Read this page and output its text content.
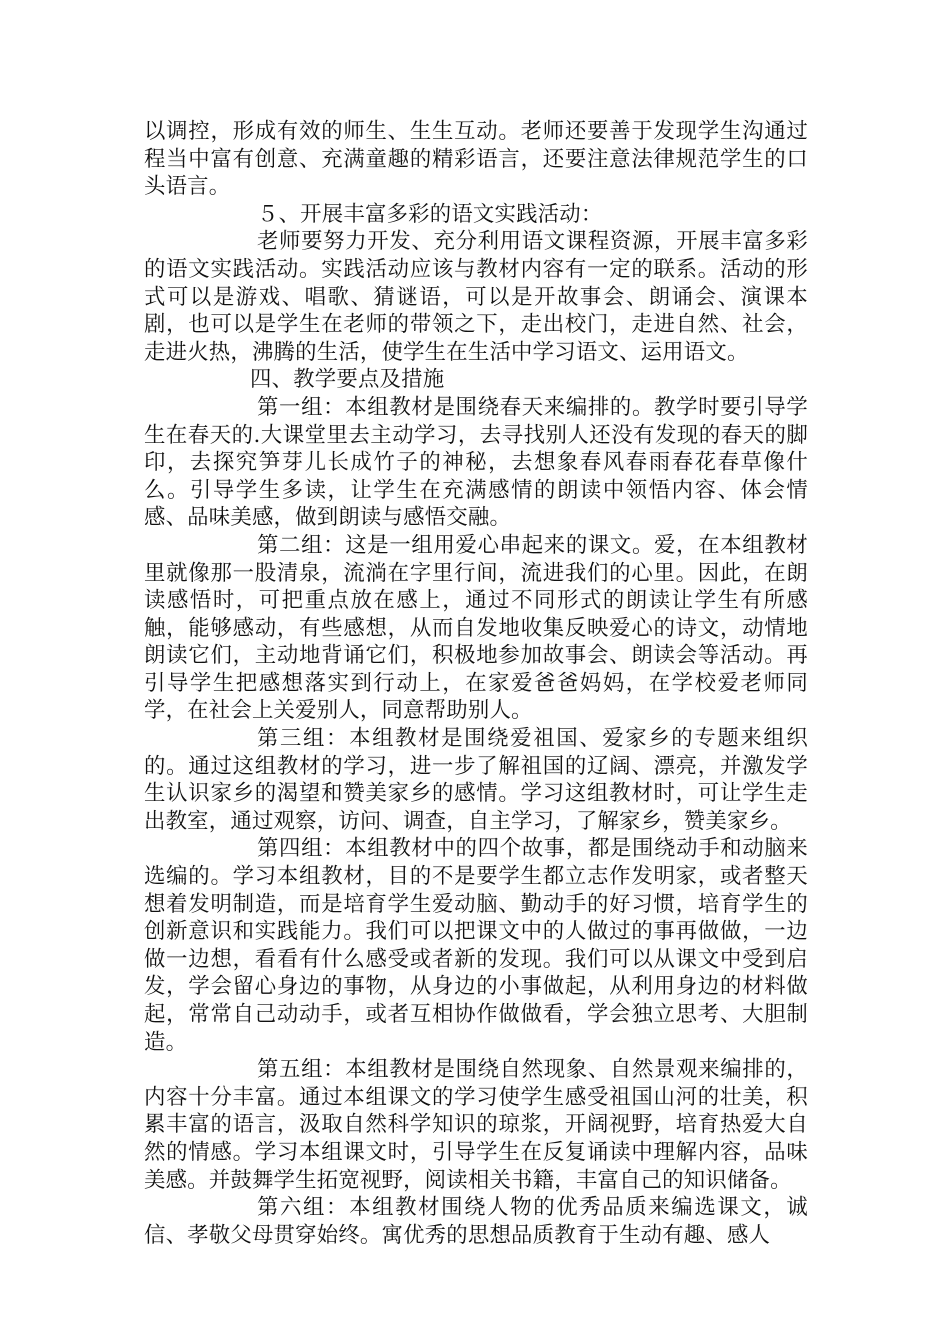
以调控，形成有效的师生、生生互动。老师还要善于发现学生沟通过程当中富有创意、充满童趣的精彩语言，还要注意法律规范学生的口头语言。

５、开展丰富多彩的语文实践活动：

老师要努力开发、充分利用语文课程资源，开展丰富多彩的语文实践活动。实践活动应该与教材内容有一定的联系。活动的形式可以是游戏、唱歌、猜谜语，可以是开故事会、朗诵会、演课本剧，也可以是学生在老师的带领之下，走出校门，走进自然、社会，走进火热，沸腾的生活，使学生在生活中学习语文、运用语文。

四、教学要点及措施

第一组：本组教材是围绕春天来编排的。教学时要引导学生在春天的.大课堂里去主动学习，去寻找别人还没有发现的春天的脚印，去探究笋芽儿长成竹子的神秘，去想象春风春雨春花春草像什么。引导学生多读，让学生在充满感情的朗读中领悟内容、体会情感、品味美感，做到朗读与感悟交融。

第二组：这是一组用爱心串起来的课文。爱，在本组教材里就像那一股清泉，流淌在字里行间，流进我们的心里。因此，在朗读感悟时，可把重点放在感上，通过不同形式的朗读让学生有所感触，能够感动，有些感想，从而自发地收集反映爱心的诗文，动情地朗读它们，主动地背诵它们，积极地参加故事会、朗读会等活动。再引导学生把感想落实到行动上，在家爱爸爸妈妈，在学校爱老师同学，在社会上关爱别人，同意帮助别人。

第三组：本组教材是围绕爱祖国、爱家乡的专题来组织的。通过这组教材的学习，进一步了解祖国的辽阔、漂亮，并激发学生认识家乡的渴望和赞美家乡的感情。学习这组教材时，可让学生走出教室，通过观察，访问、调查，自主学习，了解家乡，赞美家乡。

第四组：本组教材中的四个故事，都是围绕动手和动脑来选编的。学习本组教材，目的不是要学生都立志作发明家，或者整天想着发明制造，而是培育学生爱动脑、勤动手的好习惯，培育学生的创新意识和实践能力。我们可以把课文中的人做过的事再做做，一边做一边想，看看有什么感受或者新的发现。我们可以从课文中受到启发，学会留心身边的事物，从身边的小事做起，从利用身边的材料做起，常常自己动动手，或者互相协作做做看，学会独立思考、大胆制造。

第五组：本组教材是围绕自然现象、自然景观来编排的，内容十分丰富。通过本组课文的学习使学生感受祖国山河的壮美，积累丰富的语言，汲取自然科学知识的琼浆，开阔视野，培育热爱大自然的情感。学习本组课文时，引导学生在反复诵读中理解内容，品味美感。并鼓舞学生拓宽视野，阅读相关书籍，丰富自己的知识储备。

第六组：本组教材围绕人物的优秀品质来编选课文，诚信、孝敬父母贯穿始终。寓优秀的思想品质教育于生动有趣、感人
